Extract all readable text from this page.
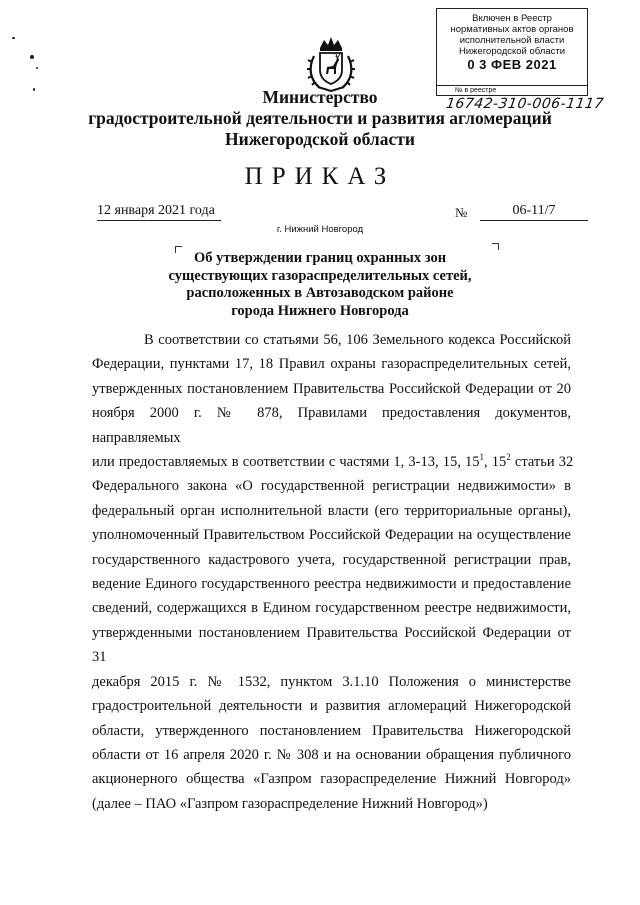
Включен в Реестр
нормативных актов органов
исполнительной власти
Нижегородской области
0 3 ФЕВ 2021
№ в реестре
16742-310-006-1117
Министерство
градостроительной деятельности и развития агломераций
Нижегородской области
ПРИКАЗ
12 января 2021 года	№	06-11/7
г. Нижний Новгород
Об утверждении границ охранных зон
существующих газораспределительных сетей,
расположенных в Автозаводском районе
города Нижнего Новгорода
В соответствии со статьями 56, 106 Земельного кодекса Российской
Федерации, пунктами 17, 18 Правил охраны газораспределительных сетей,
утвержденных постановлением Правительства Российской Федерации от 20
ноября 2000 г. № 878, Правилами предоставления документов, направляемых
или предоставляемых в соответствии с частями 1, 3-13, 15, $15^1$, $15^2$ статьи 32
Федерального закона «О государственной регистрации недвижимости» в
федеральный орган исполнительной власти (его территориальные органы),
уполномоченный Правительством Российской Федерации на осуществление
государственного кадастрового учета, государственной регистрации прав,
ведение Единого государственного реестра недвижимости и предоставление
сведений, содержащихся в Едином государственном реестре недвижимости,
утвержденными постановлением Правительства Российской Федерации от 31
декабря 2015 г. № 1532, пунктом 3.1.10 Положения о министерстве
градостроительной деятельности и развития агломераций Нижегородской
области, утвержденного постановлением Правительства Нижегородской
области от 16 апреля 2020 г. № 308 и на основании обращения публичного
акционерного общества «Газпром газораспределение Нижний Новгород»
(далее – ПАО «Газпром газораспределение Нижний Новгород»)
